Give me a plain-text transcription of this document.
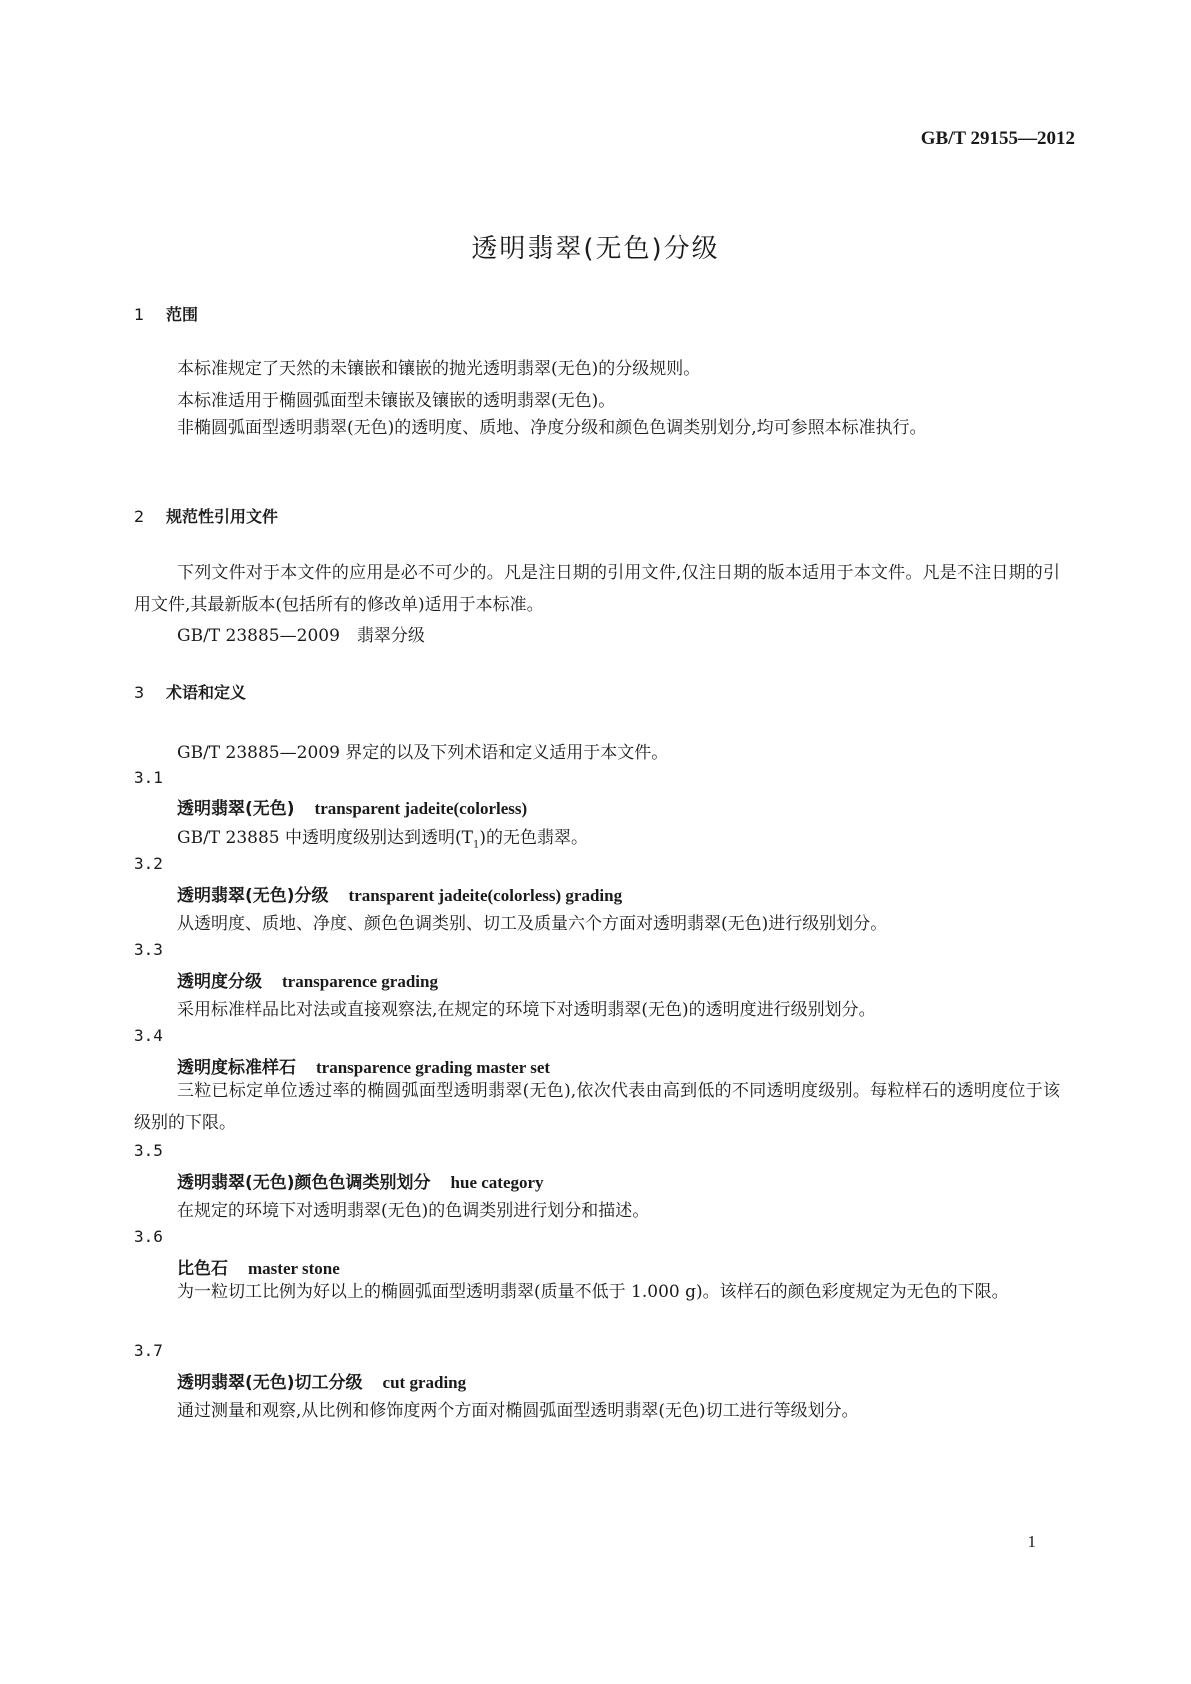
GB/T 29155—2012
透明翡翠(无色)分级
1 范围
本标准规定了天然的未镶嵌和镶嵌的抛光透明翡翠(无色)的分级规则。
本标准适用于椭圆弧面型未镶嵌及镶嵌的透明翡翠(无色)。
非椭圆弧面型透明翡翠(无色)的透明度、质地、净度分级和颜色色调类别划分,均可参照本标准执行。
2 规范性引用文件
下列文件对于本文件的应用是必不可少的。凡是注日期的引用文件,仅注日期的版本适用于本文件。凡是不注日期的引用文件,其最新版本(包括所有的修改单)适用于本标准。
GB/T 23885—2009　翡翠分级
3 术语和定义
GB/T 23885—2009 界定的以及下列术语和定义适用于本文件。
3.1
透明翡翠(无色) transparent jadeite(colorless)
GB/T 23885 中透明度级别达到透明$(T_1)$的无色翡翠。
3.2
透明翡翠(无色)分级 transparent jadeite(colorless) grading
从透明度、质地、净度、颜色色调类别、切工及质量六个方面对透明翡翠(无色)进行级别划分。
3.3
透明度分级 transparence grading
采用标准样品比对法或直接观察法,在规定的环境下对透明翡翠(无色)的透明度进行级别划分。
3.4
透明度标准样石 transparence grading master set
三粒已标定单位透过率的椭圆弧面型透明翡翠(无色),依次代表由高到低的不同透明度级别。每粒样石的透明度位于该级别的下限。
3.5
透明翡翠(无色)颜色色调类别划分 hue category
在规定的环境下对透明翡翠(无色)的色调类别进行划分和描述。
3.6
比色石 master stone
为一粒切工比例为好以上的椭圆弧面型透明翡翠(质量不低于 1.000 g)。该样石的颜色彩度规定为无色的下限。
3.7
透明翡翠(无色)切工分级 cut grading
通过测量和观察,从比例和修饰度两个方面对椭圆弧面型透明翡翠(无色)切工进行等级划分。
1
